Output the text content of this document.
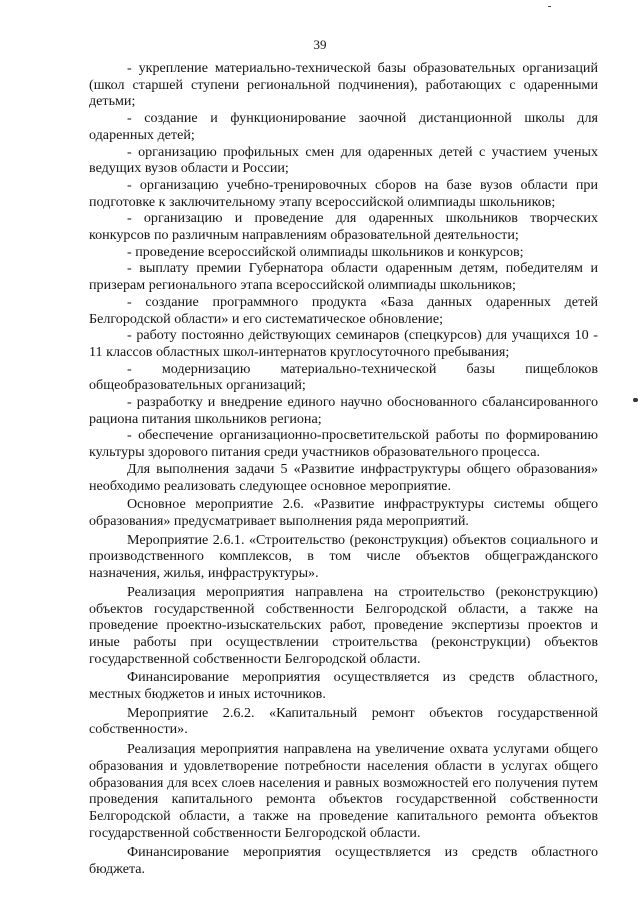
39

- укрепление материально-технической базы образовательных организаций (школ старшей ступени региональной подчинения), работающих с одаренными детьми;

- создание и функционирование заочной дистанционной школы для одаренных детей;

- организацию профильных смен для одаренных детей с участием ученых ведущих вузов области и России;

- организацию учебно-тренировочных сборов на базе вузов области при подготовке к заключительному этапу всероссийской олимпиады школьников;

- организацию и проведение для одаренных школьников творческих конкурсов по различным направлениям образовательной деятельности;

- проведение всероссийской олимпиады школьников и конкурсов;

- выплату премии Губернатора области одаренным детям, победителям и призерам регионального этапа всероссийской олимпиады школьников;

- создание программного продукта «База данных одаренных детей Белгородской области» и его систематическое обновление;

- работу постоянно действующих семинаров (спецкурсов) для учащихся 10 - 11 классов областных школ-интернатов круглосуточного пребывания;

- модернизацию материально-технической базы пищеблоков общеобразовательных организаций;

- разработку и внедрение единого научно обоснованного сбалансированного рациона питания школьников региона;

- обеспечение организационно-просветительской работы по формированию культуры здорового питания среди участников образовательного процесса.

Для выполнения задачи 5 «Развитие инфраструктуры общего образования» необходимо реализовать следующее основное мероприятие.

Основное мероприятие 2.6. «Развитие инфраструктуры системы общего образования» предусматривает выполнения ряда мероприятий.

Мероприятие 2.6.1. «Строительство (реконструкция) объектов социального и производственного комплексов, в том числе объектов общегражданского назначения, жилья, инфраструктуры».

Реализация мероприятия направлена на строительство (реконструкцию) объектов государственной собственности Белгородской области, а также на проведение проектно-изыскательских работ, проведение экспертизы проектов и иные работы при осуществлении строительства (реконструкции) объектов государственной собственности Белгородской области.

Финансирование мероприятия осуществляется из средств областного, местных бюджетов и иных источников.

Мероприятие 2.6.2. «Капитальный ремонт объектов государственной собственности».

Реализация мероприятия направлена на увеличение охвата услугами общего образования и удовлетворение потребности населения области в услугах общего образования для всех слоев населения и равных возможностей его получения путем проведения капитального ремонта объектов государственной собственности Белгородской области, а также на проведение капитального ремонта объектов государственной собственности Белгородской области.

Финансирование мероприятия осуществляется из средств областного бюджета.
